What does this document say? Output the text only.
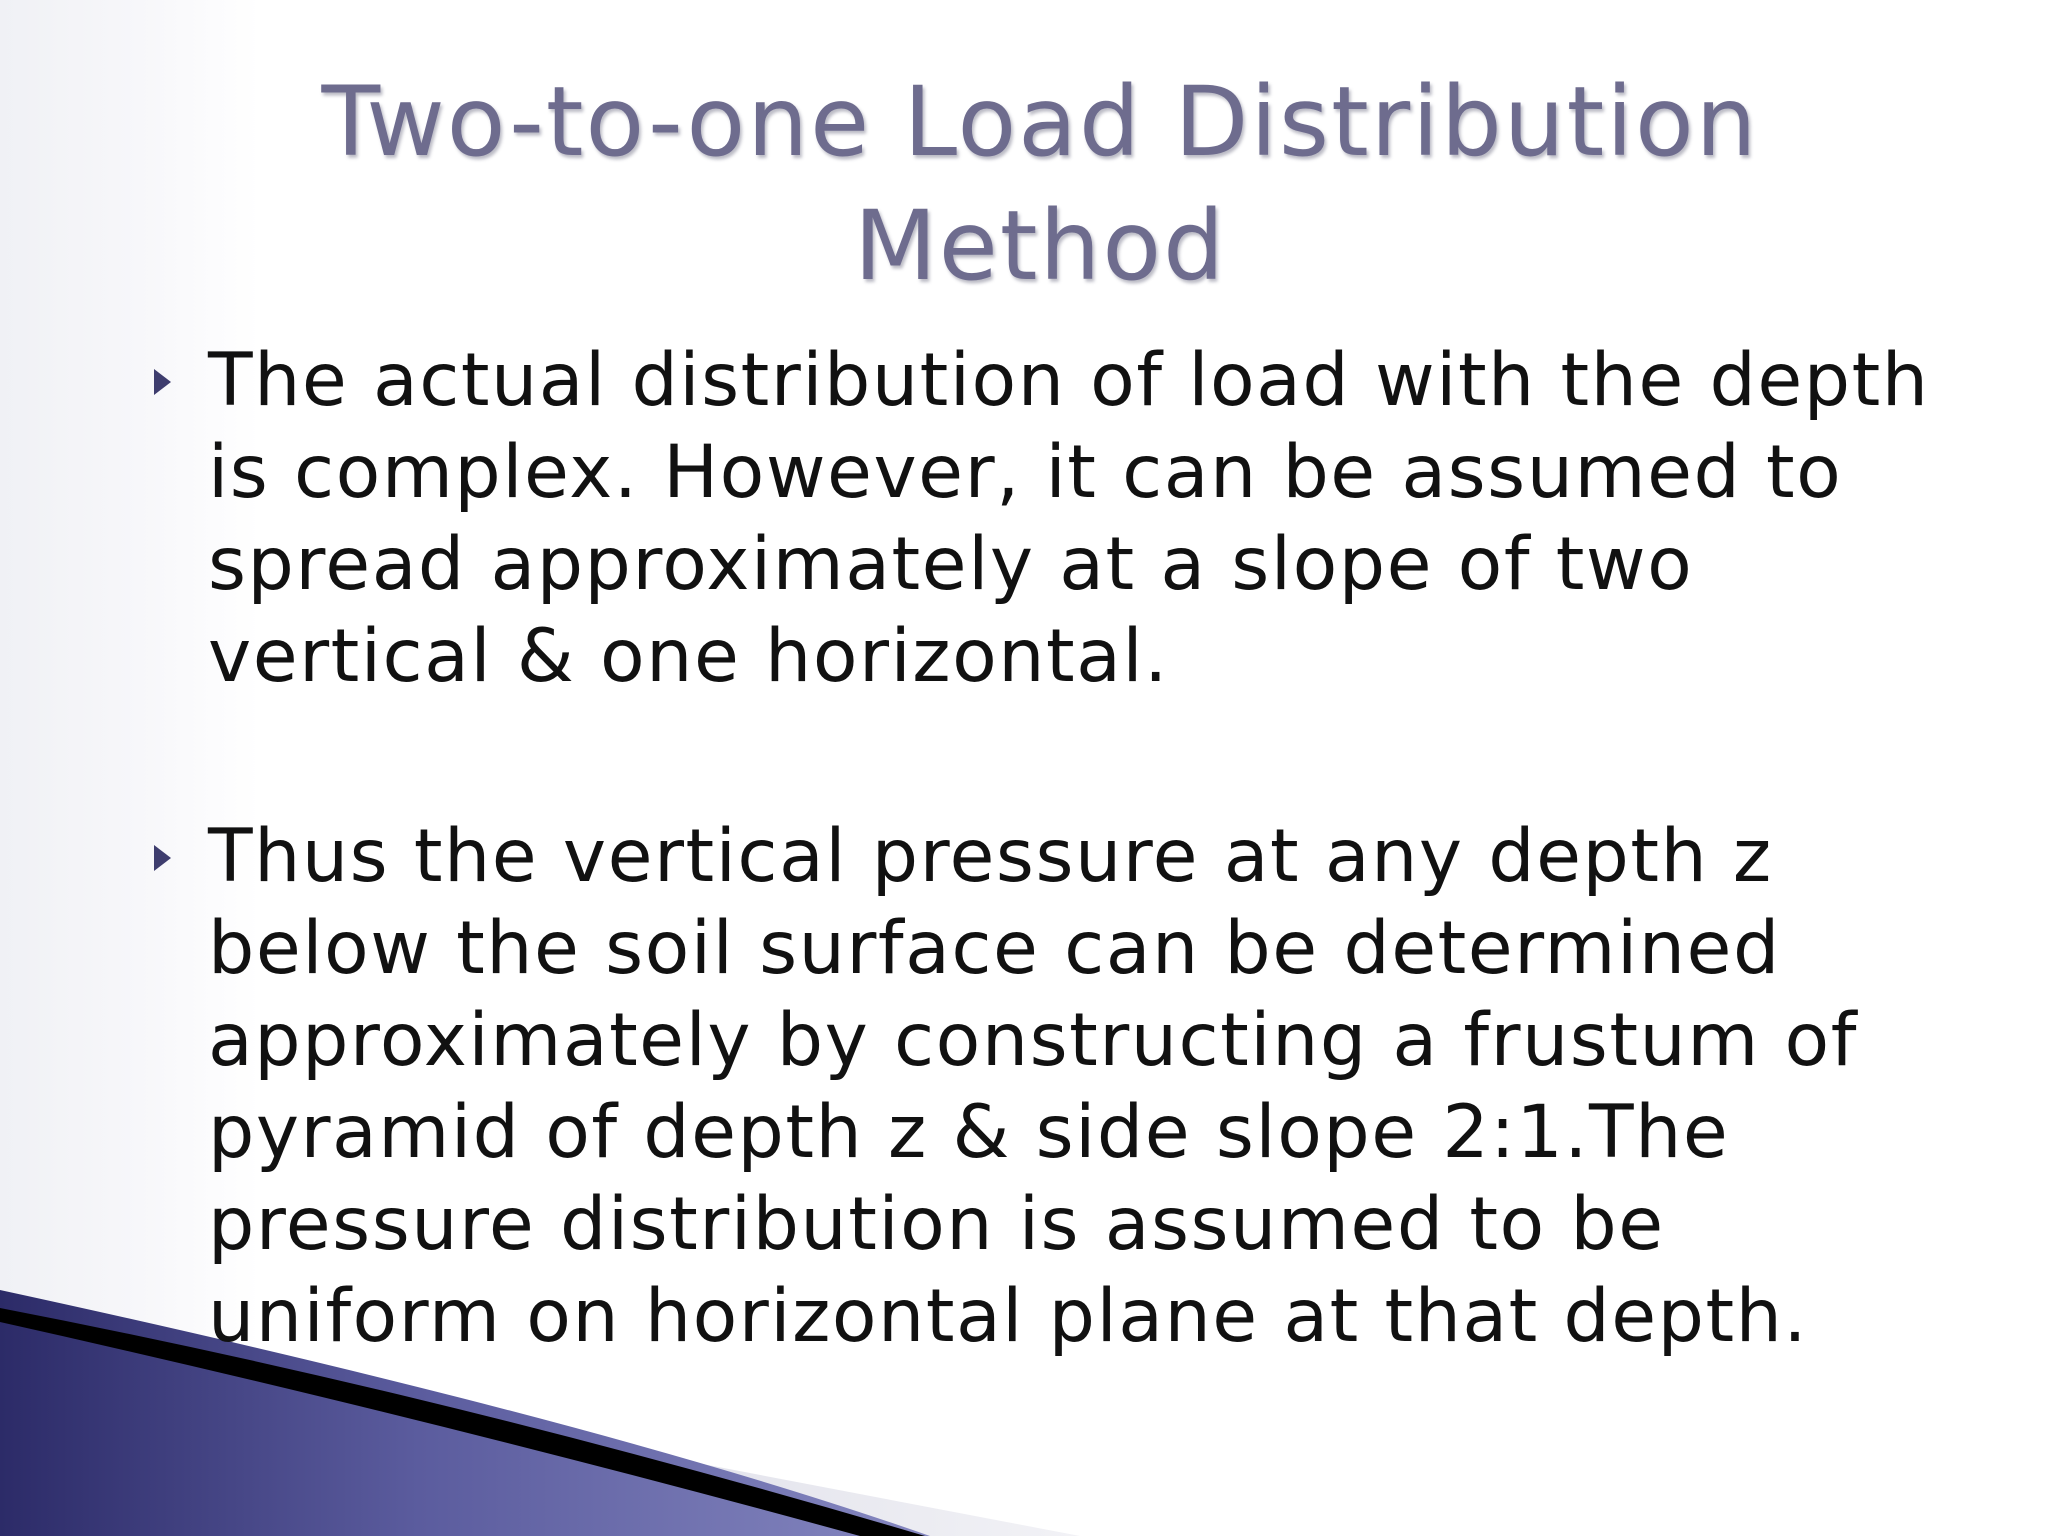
Two-to-one Load Distribution Method
The actual distribution of load with the depth is complex. However, it can be assumed to spread approximately at a slope of two vertical & one horizontal.
Thus the vertical pressure at any depth z below the soil surface can be determined approximately by constructing a frustum of pyramid of depth z & side slope 2:1.The pressure distribution is assumed to be uniform on horizontal plane at that depth.
